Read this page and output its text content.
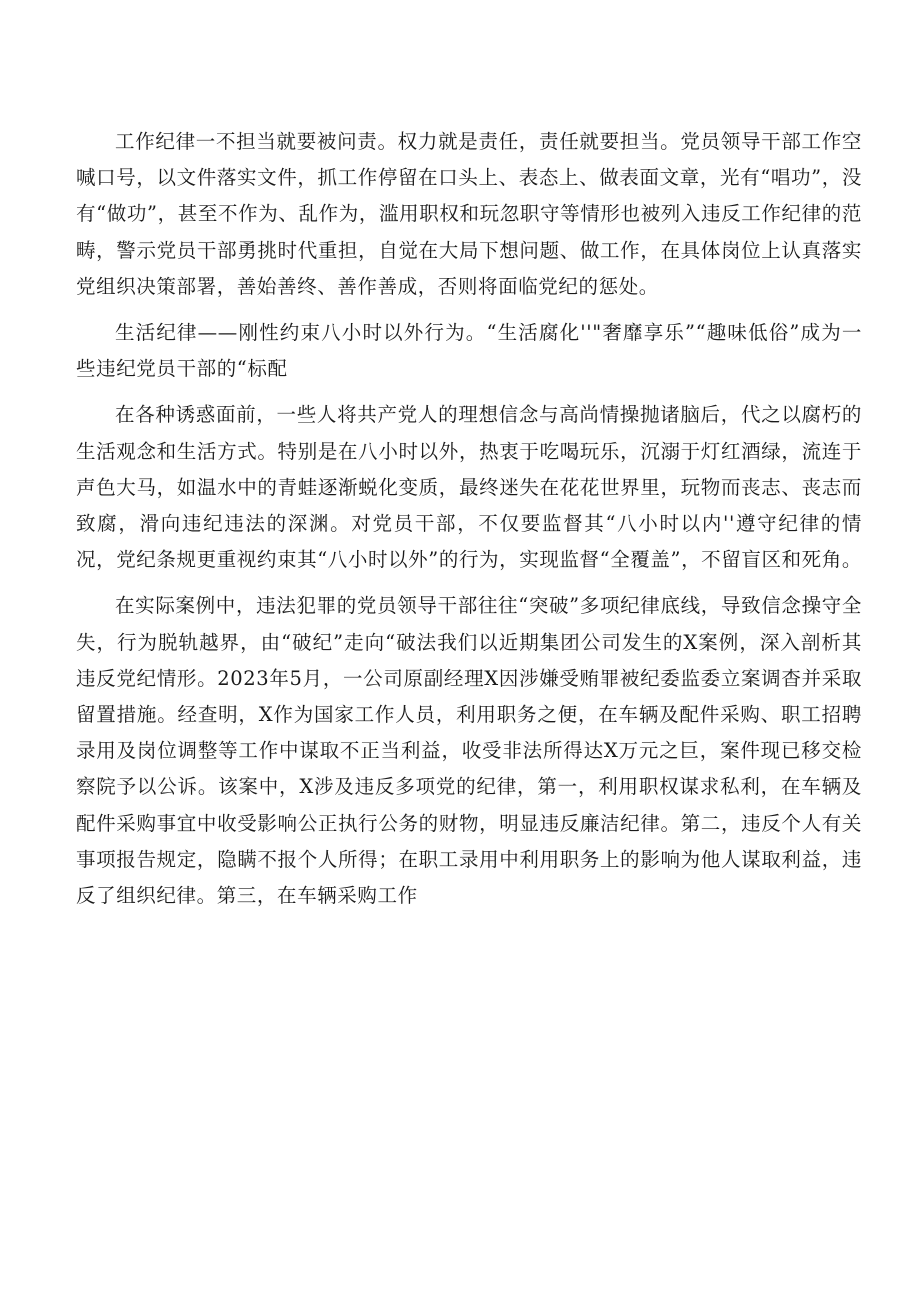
工作纪律一不担当就要被问责。权力就是责任，责任就要担当。党员领导干部工作空喊口号，以文件落实文件，抓工作停留在口头上、表态上、做表面文章，光有“唱功”，没有“做功”，甚至不作为、乱作为，滥用职权和玩忽职守等情形也被列入违反工作纪律的范畴，警示党员干部勇挑时代重担，自觉在大局下想问题、做工作，在具体岗位上认真落实党组织决策部署，善始善终、善作善成，否则将面临党纪的惩处。

生活纪律——刚性约束八小时以外行为。“生活腐化''"奢靡享乐”“趣味低俗”成为一些违纪党员干部的“标配

在各种诱惑面前，一些人将共产党人的理想信念与高尚情操抛诸脑后，代之以腐朽的生活观念和生活方式。特别是在八小时以外，热衷于吃喝玩乐，沉溺于灯红酒绿，流连于声色大马，如温水中的青蛙逐渐蜕化变质，最终迷失在花花世界里，玩物而丧志、丧志而致腐，滑向违纪违法的深渊。对党员干部，不仅要监督其“八小时以内''遵守纪律的情况，党纪条规更重视约束其“八小时以外”的行为，实现监督“全覆盖”，不留盲区和死角。

在实际案例中，违法犯罪的党员领导干部往往“突破”多项纪律底线，导致信念操守全失，行为脱轨越界，由“破纪”走向“破法我们以近期集团公司发生的X案例，深入剖析其违反党纪情形。2023年5月，一公司原副经理X因涉嫌受贿罪被纪委监委立案调杳并采取留置措施。经查明，X作为国家工作人员，利用职务之便，在车辆及配件采购、职工招聘录用及岗位调整等工作中谋取不正当利益，收受非法所得达X万元之巨，案件现已移交检察院予以公诉。该案中，X涉及违反多项党的纪律，第一，利用职权谋求私利，在车辆及配件采购事宜中收受影响公正执行公务的财物，明显违反廉洁纪律。第二，违反个人有关事项报告规定，隐瞒不报个人所得；在职工录用中利用职务上的影响为他人谋取利益，违反了组织纪律。第三，在车辆采购工作
